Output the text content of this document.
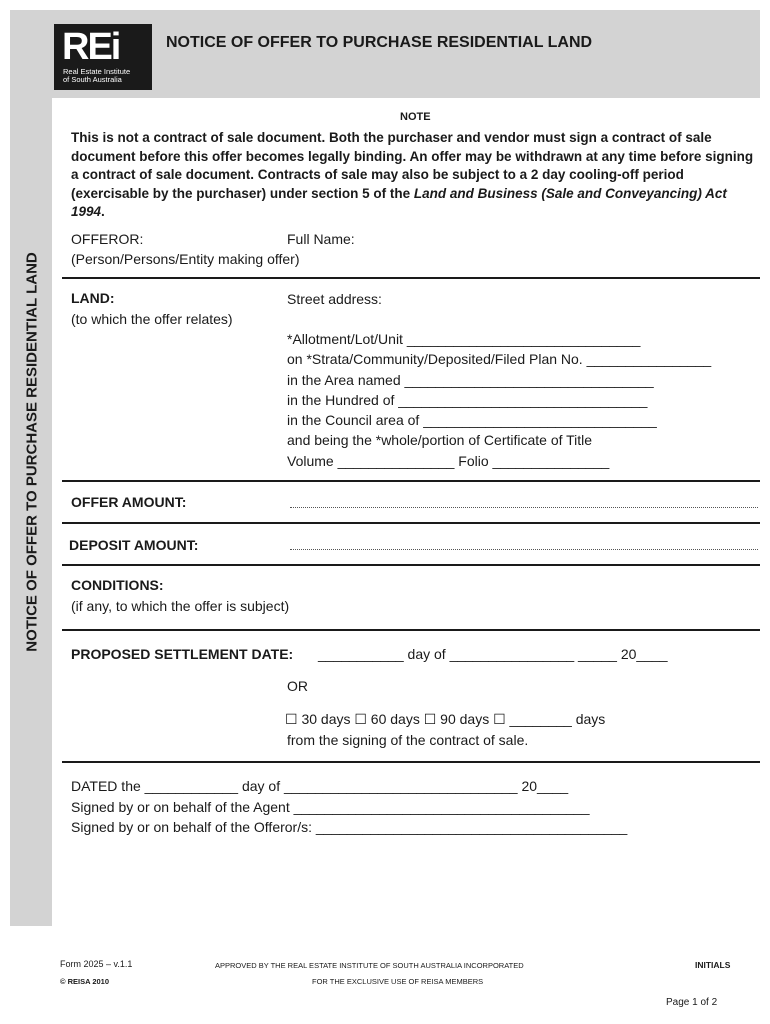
REi
Real Estate Institute
of South Australia
NOTICE OF OFFER TO PURCHASE RESIDENTIAL LAND
NOTICE OF OFFER TO PURCHASE RESIDENTIAL LAND
NOTE
This is not a contract of sale document. Both the purchaser and vendor must sign a contract of sale document before this offer becomes legally binding. An offer may be withdrawn at any time before signing a contract of sale document. Contracts of sale may also be subject to a 2 day cooling-off period (exercisable by the purchaser) under section 5 of the Land and Business (Sale and Conveyancing) Act 1994.
OFFEROR:
(Person/Persons/Entity making offer)
Full Name:
LAND:
(to which the offer relates)
Street address:
*Allotment/Lot/Unit ______________________________
on *Strata/Community/Deposited/Filed Plan No. ________________
in the Area named ________________________________
in the Hundred of ________________________________
in the Council area of ______________________________
and being the *whole/portion of Certificate of Title
Volume _______________ Folio _______________
OFFER AMOUNT:
DEPOSIT AMOUNT:
CONDITIONS:
(if any, to which the offer is subject)
PROPOSED SETTLEMENT DATE: ___________ day of ________________ _____ 20____
OR
☐ 30 days ☐ 60 days ☐ 90 days ☐ ________ days
from the signing of the contract of sale.
DATED the ____________ day of ______________________________ 20____
Signed by or on behalf of the Agent ______________________________________
Signed by or on behalf of the Offeror/s: ________________________________________
Form 2025 – v.1.1
© REISA 2010
APPROVED BY THE REAL ESTATE INSTITUTE OF SOUTH AUSTRALIA INCORPORATED
FOR THE EXCLUSIVE USE OF REISA MEMBERS
INITIALS
Page 1 of 2
